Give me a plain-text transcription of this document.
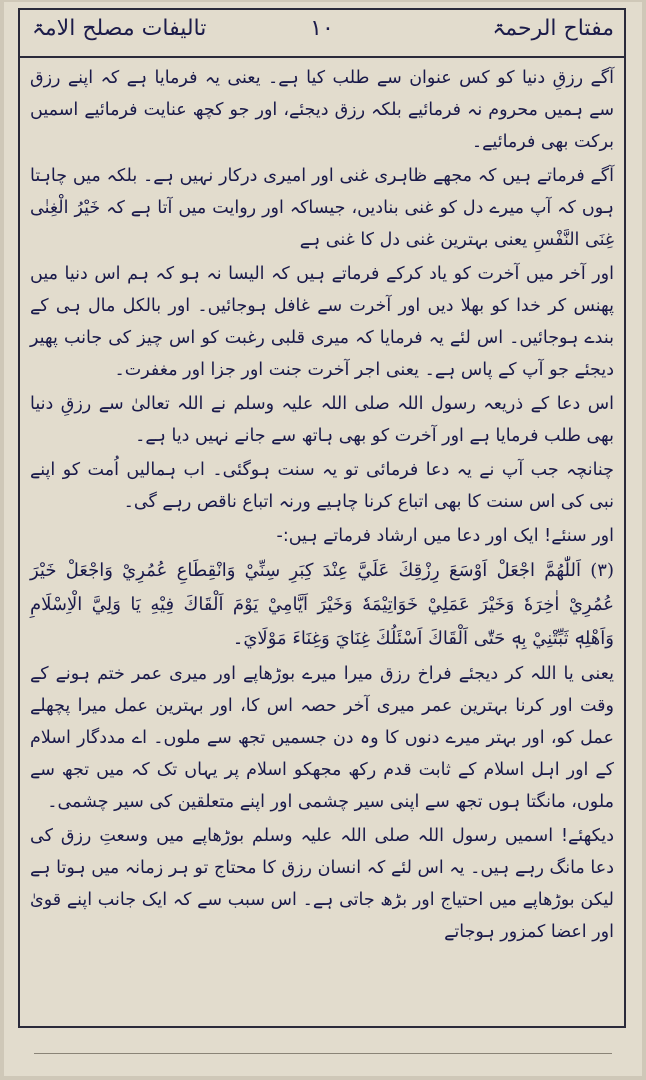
مفتاح الرحمۃ
۱۰
تالیفات مصلح الامۃ

آگے رزقِ دنیا کو کس عنوان سے طلب کیا ہے۔ یعنی یہ فرمایا ہے کہ اپنے رزق سے ہمیں محروم نہ فرمائیے بلکہ رزق دیجئے، اور جو کچھ عنایت فرمائیے اسمیں برکت بھی فرمائیے۔

آگے فرماتے ہیں کہ مجھے ظاہری غنی اور امیری درکار نہیں ہے۔ بلکہ میں چاہتا ہوں کہ آپ میرے دل کو غنی بنادیں، جیساکہ اور روایت میں آتا ہے کہ خَیْرُ الْغِنٰی غِنَی النَّفْسِ یعنی بہترین غنی دل کا غنی ہے

اور آخر میں آخرت کو یاد کرکے فرماتے ہیں کہ الیسا نہ ہو کہ ہم اس دنیا میں پھنس کر خدا کو بھلا دیں اور آخرت سے غافل ہوجائیں۔ اور بالکل مال ہی کے بندے ہوجائیں۔ اس لئے یہ فرمایا کہ میری قلبی رغبت کو اس چیز کی جانب پھیر دیجئے جو آپ کے پاس ہے۔ یعنی اجر آخرت جنت اور جزا اور مغفرت۔

اس دعا کے ذریعہ رسول اللہ صلی اللہ علیہ وسلم نے اللہ تعالیٰ سے رزقِ دنیا بھی طلب فرمایا ہے اور آخرت کو بھی ہاتھ سے جانے نہیں دیا ہے۔

چنانچہ جب آپ نے یہ دعا فرمائی تو یہ سنت ہوگئی۔ اب ہمالیں اُمت کو اپنے نبی کی اس سنت کا بھی اتباع کرنا چاہیے ورنہ اتباع ناقص رہے گی۔

اور سنئے! ایک اور دعا میں ارشاد فرماتے ہیں:-

(۳) اَللّٰهُمَّ اجْعَلْ اَوْسَعَ رِزْقِكَ عَلَيَّ عِنْدَ كِبَرِ سِنِّيْ وَانْقِطَاعِ عُمُرِيْ وَاجْعَلْ خَيْرَ عُمُرِيْ اٰخِرَهٗ وَخَيْرَ عَمَلِيْ خَوَاتِيْمَهٗ وَخَيْرَ اَيَّامِيْ يَوْمَ اَلْقَاكَ فِيْهِ يَا وَلِيَّ الْاِسْلَامِ وَاَهْلِهٖ ثَبِّتْنِيْ بِهٖ حَتّٰى اَلْقَاكَ اَسْئَلُكَ غِنَايَ وَغِنَاءَ مَوْلَايَ۔

یعنی یا اللہ کر دیجئے فراخ رزق میرا میرے بوڑھاپے اور میری عمر ختم ہونے کے وقت اور کرنا بہترین عمر میری آخر حصہ اس کا، اور بہترین عمل میرا پچھلے عمل کو، اور بہتر میرے دنوں کا وہ دن جسمیں تجھ سے ملوں۔ اے مددگار اسلام کے اور اہل اسلام کے ثابت قدم رکھ مجھکو اسلام پر یہاں تک کہ میں تجھ سے ملوں، مانگتا ہوں تجھ سے اپنی سیر چشمی اور اپنے متعلقین کی سیر چشمی۔

دیکھئے! اسمیں رسول اللہ صلی اللہ علیہ وسلم بوڑھاپے میں وسعتِ رزق کی دعا مانگ رہے ہیں۔ یہ اس لئے کہ انسان رزق کا محتاج تو ہر زمانہ میں ہوتا ہے لیکن بوڑھاپے میں احتیاج اور بڑھ جاتی ہے۔ اس سبب سے کہ ایک جانب اپنے قویٰ اور اعضا کمزور ہوجاتے
